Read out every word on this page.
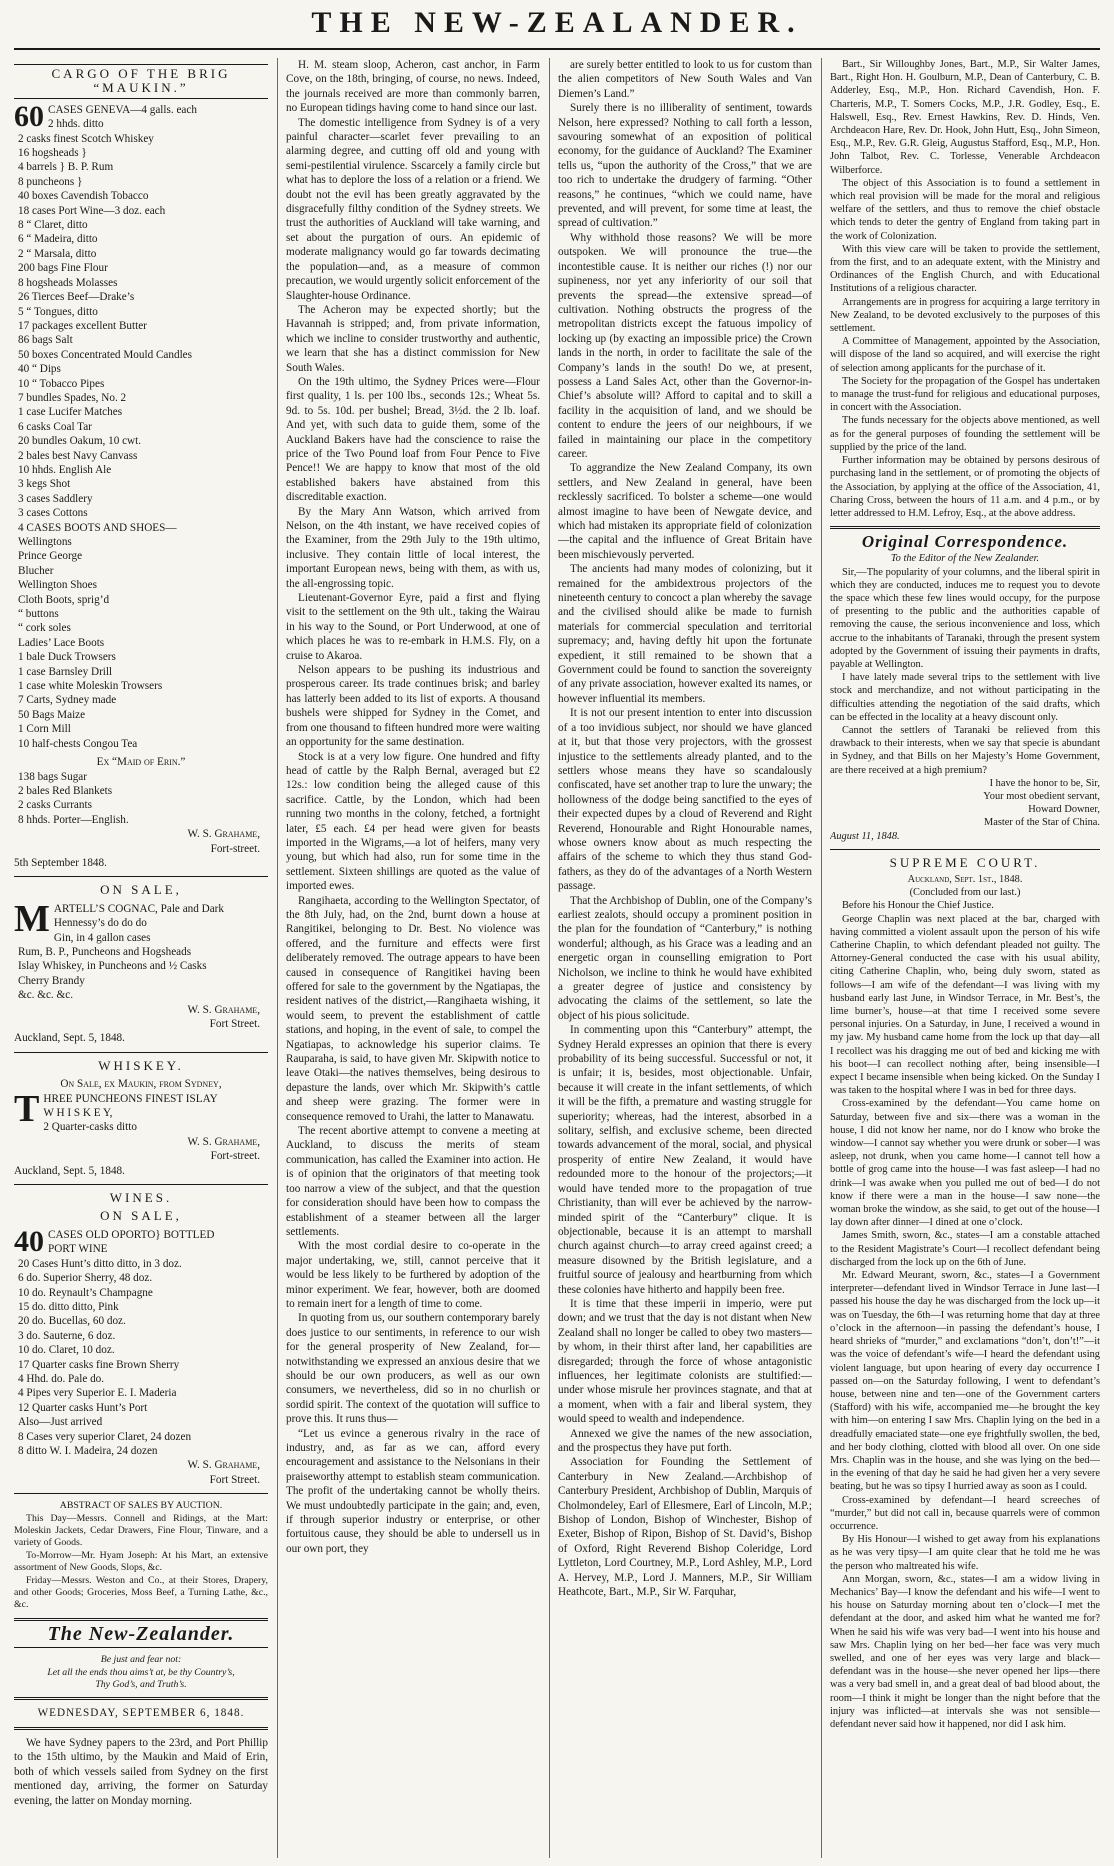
THE NEW-ZEALANDER.
CARGO OF THE BRIG “MAUKIN.”
60 CASES GENEVA—4 galls. each
2 hhds. ditto
2 casks finest Scotch Whiskey
16 hogsheads }
4 barrels } B. P. Rum
8 puncheons }
40 boxes Cavendish Tobacco
18 cases Port Wine—3 doz. each
8 “ Claret, ditto
6 “ Madeira, ditto
2 “ Marsala, ditto
200 bags Fine Flour
8 hogsheads Molasses
26 Tierces Beef—Drake’s
5 “ Tongues, ditto
17 packages excellent Butter
86 bags Salt
50 boxes Concentrated Mould Candles
40 “ Dips
10 “ Tobacco Pipes
7 bundles Spades, No. 2
1 case Lucifer Matches
6 casks Coal Tar
20 bundles Oakum, 10 cwt.
2 bales best Navy Canvass
10 hhds. English Ale
3 kegs Shot
3 cases Saddlery
3 cases Cottons
4 CASES BOOTS AND SHOES—
Wellingtons
Prince George
Blucher
Wellington Shoes
Cloth Boots, sprig’d
“ buttons
“ cork soles
Ladies’ Lace Boots
1 bale Duck Trowsers
1 case Barnsley Drill
1 case white Moleskin Trowsers
7 Carts, Sydney made
50 Bags Maize
1 Corn Mill
10 half-chests Congou Tea
Ex “Maid of Erin.”
138 bags Sugar
2 bales Red Blankets
2 casks Currants
8 hhds. Porter—English.
W. S. Grahame,
Fort-street.
5th September 1848.
ON SALE,
M ARTELL’S COGNAC, Pale and Dark
Hennessy’s do do do
Gin, in 4 gallon cases
Rum, B. P., Puncheons and Hogsheads
Islay Whiskey, in Puncheons and ½ Casks
Cherry Brandy
&c. &c. &c.
W. S. Grahame,
Fort Street.
Auckland, Sept. 5, 1848.
WHISKEY.
On Sale, ex Maukin, from Sydney,
T HREE PUNCHEONS FINEST ISLAY
W H I S K E Y,
2 Quarter-casks ditto
W. S. Grahame,
Fort-street.
Auckland, Sept. 5, 1848.
WINES.
ON SALE,
40 CASES OLD OPORTO} BOTTLED
PORT WINE
20 Cases Hunt’s ditto ditto, in 3 doz.
6 do. Superior Sherry, 48 doz.
10 do. Reynault’s Champagne
15 do. ditto ditto, Pink
20 do. Bucellas, 60 doz.
3 do. Sauterne, 6 doz.
10 do. Claret, 10 doz.
17 Quarter casks fine Brown Sherry
4 Hhd. do. Pale do.
4 Pipes very Superior E. I. Maderia
12 Quarter casks Hunt’s Port
Also—Just arrived
8 Cases very superior Claret, 24 dozen
8 ditto W. I. Madeira, 24 dozen
W. S. Grahame,
Fort Street.
ABSTRACT OF SALES BY AUCTION.
This Day—Messrs. Connell and Ridings, at the Mart: Moleskin Jackets, Cedar Drawers, Fine Flour, Tinware, and a variety of Goods.
To-Morrow—Mr. Hyam Joseph: At his Mart, an extensive assortment of New Goods, Slops, &c.
Friday—Messrs. Weston and Co., at their Stores, Drapery, and other Goods; Groceries, Moss Beef, a Turning Lathe, &c., &c.
The New-Zealander.
Be just and fear not:
Let all the ends thou aims’t at, be thy Country’s,
Thy God’s, and Truth’s.
WEDNESDAY, SEPTEMBER 6, 1848.

We have Sydney papers to the 23rd, and Port Phillip to the 15th ultimo, by the Maukin and Maid of Erin, both of which vessels sailed from Sydney on the first mentioned day, arriving, the former on Saturday evening, the latter on Monday morning.

H. M. steam sloop, Acheron, cast anchor, in Farm Cove, on the 18th, bringing, of course, no news. Indeed, the journals received are more than commonly barren, no European tidings having come to hand since our last.

The domestic intelligence from Sydney is of a very painful character—scarlet fever prevailing to an alarming degree, and cutting off old and young with semi-pestilential virulence. Sscarcely a family circle but what has to deplore the loss of a relation or a friend. We doubt not the evil has been greatly aggravated by the disgracefully filthy condition of the Sydney streets. We trust the authorities of Auckland will take warning, and set about the purgation of ours. An epidemic of moderate malignancy would go far towards decimating the population—and, as a measure of common precaution, we would urgently solicit enforcement of the Slaughter-house Ordinance.

The Acheron may be expected shortly; but the Havannah is stripped; and, from private information, which we incline to consider trustworthy and authentic, we learn that she has a distinct commission for New South Wales.

On the 19th ultimo, the Sydney Prices were—Flour first quality, 1 ls. per 100 lbs., seconds 12s.; Wheat 5s. 9d. to 5s. 10d. per bushel; Bread, 3½d. the 2 lb. loaf. And yet, with such data to guide them, some of the Auckland Bakers have had the conscience to raise the price of the Two Pound loaf from Four Pence to Five Pence!! We are happy to know that most of the old established bakers have abstained from this discreditable exaction.

By the Mary Ann Watson, which arrived from Nelson, on the 4th instant, we have received copies of the Examiner, from the 29th July to the 19th ultimo, inclusive. They contain little of local interest, the important European news, being with them, as with us, the all-engrossing topic.

Lieutenant-Governor Eyre, paid a first and flying visit to the settlement on the 9th ult., taking the Wairau in his way to the Sound, or Port Underwood, at one of which places he was to re-embark in H.M.S. Fly, on a cruise to Akaroa.

Nelson appears to be pushing its industrious and prosperous career. Its trade continues brisk; and barley has latterly been added to its list of exports. A thousand bushels were shipped for Sydney in the Comet, and from one thousand to fifteen hundred more were waiting an opportunity for the same destination.

Stock is at a very low figure. One hundred and fifty head of cattle by the Ralph Bernal, averaged but £2 12s.: low condition being the alleged cause of this sacrifice. Cattle, by the London, which had been running two months in the colony, fetched, a fortnight later, £5 each. £4 per head were given for beasts imported in the Wigrams,—a lot of heifers, many very young, but which had also, run for some time in the settlement. Sixteen shillings are quoted as the value of imported ewes.

Rangihaeta, according to the Wellington Spectator, of the 8th July, had, on the 2nd, burnt down a house at Rangitikei, belonging to Dr. Best. No violence was offered, and the furniture and effects were first deliberately removed. The outrage appears to have been caused in consequence of Rangitikei having been offered for sale to the government by the Ngatiapas, the resident natives of the district,—Rangihaeta wishing, it would seem, to prevent the establishment of cattle stations, and hoping, in the event of sale, to compel the Ngatiapas, to acknowledge his superior claims. Te Rauparaha, is said, to have given Mr. Skipwith notice to leave Otaki—the natives themselves, being desirous to depasture the lands, over which Mr. Skipwith’s cattle and sheep were grazing. The former were in consequence removed to Urahi, the latter to Manawatu.

The recent abortive attempt to convene a meeting at Auckland, to discuss the merits of steam communication, has called the Examiner into action. He is of opinion that the originators of that meeting took too narrow a view of the subject, and that the question for consideration should have been how to compass the establishment of a steamer between all the larger settlements.

With the most cordial desire to co-operate in the major undertaking, we, still, cannot perceive that it would be less likely to be furthered by adoption of the minor experiment. We fear, however, both are doomed to remain inert for a length of time to come.

In quoting from us, our southern contemporary barely does justice to our sentiments, in reference to our wish for the general prosperity of New Zealand, for— notwithstanding we expressed an anxious desire that we should be our own producers, as well as our own consumers, we nevertheless, did so in no churlish or sordid spirit. The context of the quotation will suffice to prove this. It runs thus—

“Let us evince a generous rivalry in the race of industry, and, as far as we can, afford every encouragement and assistance to the Nelsonians in their praiseworthy attempt to establish steam communication. The profit of the undertaking cannot be wholly theirs. We must undoubtedly participate in the gain; and, even, if through superior industry or enterprise, or other fortuitous cause, they should be able to undersell us in our own port, they

are surely better entitled to look to us for custom than the alien competitors of New South Wales and Van Diemen’s Land.”

Surely there is no illiberality of sentiment, towards Nelson, here expressed? Nothing to call forth a lesson, savouring somewhat of an exposition of political economy, for the guidance of Auckland? The Examiner tells us, “upon the authority of the Cross,” that we are too rich to undertake the drudgery of farming. “Other reasons,” he continues, “which we could name, have prevented, and will prevent, for some time at least, the spread of cultivation.”

Why withhold those reasons? We will be more outspoken. We will pronounce the true—the incontestible cause. It is neither our riches (!) nor our supineness, nor yet any inferiority of our soil that prevents the spread—the extensive spread—of cultivation. Nothing obstructs the progress of the metropolitan districts except the fatuous impolicy of locking up (by exacting an impossible price) the Crown lands in the north, in order to facilitate the sale of the Company’s lands in the south! Do we, at present, possess a Land Sales Act, other than the Governor-in-Chief’s absolute will? Afford to capital and to skill a facility in the acquisition of land, and we should be content to endure the jeers of our neighbours, if we failed in maintaining our place in the competitory career.

To aggrandize the New Zealand Company, its own settlers, and New Zealand in general, have been recklessly sacrificed. To bolster a scheme—one would almost imagine to have been of Newgate device, and which had mistaken its appropriate field of colonization—the capital and the influence of Great Britain have been mischievously perverted.

The ancients had many modes of colonizing, but it remained for the ambidextrous projectors of the nineteenth century to concoct a plan whereby the savage and the civilised should alike be made to furnish materials for commercial speculation and territorial supremacy; and, having deftly hit upon the fortunate expedient, it still remained to be shown that a Government could be found to sanction the sovereignty of any private association, however exalted its names, or however influential its members.

It is not our present intention to enter into discussion of a too invidious subject, nor should we have glanced at it, but that those very projectors, with the grossest injustice to the settlements already planted, and to the settlers whose means they have so scandalously confiscated, have set another trap to lure the unwary; the hollowness of the dodge being sanctified to the eyes of their expected dupes by a cloud of Reverend and Right Reverend, Honourable and Right Honourable names, whose owners know about as much respecting the affairs of the scheme to which they thus stand God-fathers, as they do of the advantages of a North Western passage.

That the Archbishop of Dublin, one of the Company’s earliest zealots, should occupy a prominent position in the plan for the foundation of “Canterbury,” is nothing wonderful; although, as his Grace was a leading and an energetic organ in counselling emigration to Port Nicholson, we incline to think he would have exhibited a greater degree of justice and consistency by advocating the claims of the settlement, so late the object of his pious solicitude.

In commenting upon this “Canterbury” attempt, the Sydney Herald expresses an opinion that there is every probability of its being successful. Successful or not, it is unfair; it is, besides, most objectionable. Unfair, because it will create in the infant settlements, of which it will be the fifth, a premature and wasting struggle for superiority; whereas, had the interest, absorbed in a solitary, selfish, and exclusive scheme, been directed towards advancement of the moral, social, and physical prosperity of entire New Zealand, it would have redounded more to the honour of the projectors;—it would have tended more to the propagation of true Christianity, than will ever be achieved by the narrow-minded spirit of the “Canterbury” clique. It is objectionable, because it is an attempt to marshall church against church—to array creed against creed; a measure disowned by the British legislature, and a fruitful source of jealousy and heartburning from which these colonies have hitherto and happily been free.

It is time that these imperii in imperio, were put down; and we trust that the day is not distant when New Zealand shall no longer be called to obey two masters—by whom, in their thirst after land, her capabilities are disregarded; through the force of whose antagonistic influences, her legitimate colonists are stultified:—under whose misrule her provinces stagnate, and that at a moment, when with a fair and liberal system, they would speed to wealth and independence.

Annexed we give the names of the new association, and the prospectus they have put forth.

Association for Founding the Settlement of Canterbury in New Zealand.—Archbishop of Canterbury President, Archbishop of Dublin, Marquis of Cholmondeley, Earl of Ellesmere, Earl of Lincoln, M.P.; Bishop of London, Bishop of Winchester, Bishop of Exeter, Bishop of Ripon, Bishop of St. David’s, Bishop of Oxford, Right Reverend Bishop Coleridge, Lord Lyttleton, Lord Courtney, M.P., Lord Ashley, M.P., Lord A. Hervey, M.P., Lord J. Manners, M.P., Sir William Heathcote, Bart., M.P., Sir W. Farquhar,

Bart., Sir Willoughby Jones, Bart., M.P., Sir Walter James, Bart., Right Hon. H. Goulburn, M.P., Dean of Canterbury, C. B. Adderley, Esq., M.P., Hon. Richard Cavendish, Hon. F. Charteris, M.P., T. Somers Cocks, M.P., J.R. Godley, Esq., E. Halswell, Esq., Rev. Ernest Hawkins, Rev. D. Hinds, Ven. Archdeacon Hare, Rev. Dr. Hook, John Hutt, Esq., John Simeon, Esq., M.P., Rev. G.R. Gleig, Augustus Stafford, Esq., M.P., Hon. John Talbot, Rev. C. Torlesse, Venerable Archdeacon Wilberforce.

The object of this Association is to found a settlement in which real provision will be made for the moral and religious welfare of the settlers, and thus to remove the chief obstacle which tends to deter the gentry of England from taking part in the work of Colonization.

With this view care will be taken to provide the settlement, from the first, and to an adequate extent, with the Ministry and Ordinances of the English Church, and with Educational Institutions of a religious character.

Arrangements are in progress for acquiring a large territory in New Zealand, to be devoted exclusively to the purposes of this settlement.

A Committee of Management, appointed by the Association, will dispose of the land so acquired, and will exercise the right of selection among applicants for the purchase of it.

The Society for the propagation of the Gospel has undertaken to manage the trust-fund for religious and educational purposes, in concert with the Association.

The funds necessary for the objects above mentioned, as well as for the general purposes of founding the settlement will be supplied by the price of the land.

Further information may be obtained by persons desirous of purchasing land in the settlement, or of promoting the objects of the Association, by applying at the office of the Association, 41, Charing Cross, between the hours of 11 a.m. and 4 p.m., or by letter addressed to H.M. Lefroy, Esq., at the above address.

Original Correspondence.
To the Editor of the New Zealander.

Sir,—The popularity of your columns, and the liberal spirit in which they are conducted, induces me to request you to devote the space which these few lines would occupy, for the purpose of presenting to the public and the authorities capable of removing the cause, the serious inconvenience and loss, which accrue to the inhabitants of Taranaki, through the present system adopted by the Government of issuing their payments in drafts, payable at Wellington.

I have lately made several trips to the settlement with live stock and merchandize, and not without participating in the difficulties attending the negotiation of the said drafts, which can be effected in the locality at a heavy discount only.

Cannot the settlers of Taranaki be relieved from this drawback to their interests, when we say that specie is abundant in Sydney, and that Bills on her Majesty’s Home Government, are there received at a high premium?

I have the honor to be, Sir,
Your most obedient servant,
Howard Downer,
Master of the Star of China.
August 11, 1848.
SUPREME COURT.
Auckland, Sept. 1st., 1848.
(Concluded from our last.)

Before his Honour the Chief Justice.

George Chaplin was next placed at the bar, charged with having committed a violent assault upon the person of his wife Catherine Chaplin, to which defendant pleaded not guilty. The Attorney-General conducted the case with his usual ability, citing Catherine Chaplin, who, being duly sworn, stated as follows—I am wife of the defendant—I was living with my husband early last June, in Windsor Terrace, in Mr. Best’s, the lime burner’s, house—at that time I received some severe personal injuries. On a Saturday, in June, I received a wound in my jaw. My husband came home from the lock up that day—all I recollect was his dragging me out of bed and kicking me with his boot—I can recollect nothing after, being insensible—I expect I became insensible when being kicked. On the Sunday I was taken to the hospital where I was in bed for three days.

Cross-examined by the defendant—You came home on Saturday, between five and six—there was a woman in the house, I did not know her name, nor do I know who broke the window—I cannot say whether you were drunk or sober—I was asleep, not drunk, when you came home—I cannot tell how a bottle of grog came into the house—I was fast asleep—I had no drink—I was awake when you pulled me out of bed—I do not know if there were a man in the house—I saw none—the woman broke the window, as she said, to get out of the house—I lay down after dinner—I dined at one o’clock.

James Smith, sworn, &c., states—I am a constable attached to the Resident Magistrate’s Court—I recollect defendant being discharged from the lock up on the 6th of June.

Mr. Edward Meurant, sworn, &c., states—I a Government interpreter—defendant lived in Windsor Terrace in June last—I passed his house the day he was discharged from the lock up—it was on Tuesday, the 6th—I was returning home that day at three o’clock in the afternoon—in passing the defendant’s house, I heard shrieks of “murder,” and exclamations “don’t, don’t!”—it was the voice of defendant’s wife—I heard the defendant using violent language, but upon hearing of every day occurrence I passed on—on the Saturday following, I went to defendant’s house, between nine and ten—one of the Government carters (Stafford) with his wife, accompanied me—he brought the key with him—on entering I saw Mrs. Chaplin lying on the bed in a dreadfully emaciated state—one eye frightfully swollen, the bed, and her body clothing, clotted with blood all over. On one side Mrs. Chaplin was in the house, and she was lying on the bed—in the evening of that day he said he had given her a very severe beating, but he was so tipsy I hurried away as soon as I could.

Cross-examined by defendant—I heard screeches of “murder,” but did not call in, because quarrels were of common occurrence.

By His Honour—I wished to get away from his explanations as he was very tipsy—I am quite clear that he told me he was the person who maltreated his wife.

Ann Morgan, sworn, &c., states—I am a widow living in Mechanics’ Bay—I know the defendant and his wife—I went to his house on Saturday morning about ten o’clock—I met the defendant at the door, and asked him what he wanted me for? When he said his wife was very bad—I went into his house and saw Mrs. Chaplin lying on her bed—her face was very much swelled, and one of her eyes was very large and black—defendant was in the house—she never opened her lips—there was a very bad smell in, and a great deal of bad blood about, the room—I think it might be longer than the night before that the injury was inflicted—at intervals she was not sensible—defendant never said how it happened, nor did I ask him.
